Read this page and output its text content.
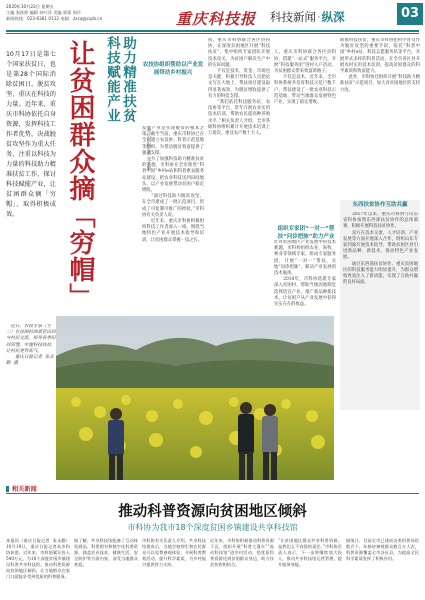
2020年10月23日 星期五
主编 张跃辉 编辑 何叶萍 美编 郭霏 周丹
新闻热线：023-6381 0112 电邮：zxcq@cqrb.cn	重庆科技报 科技新闻·纵深	03

10月17日是第七个国家扶贫日，也是第28个国际消除贫困日。脱贫攻坚，重庆在科技的力量。近年来，重庆市科协依托自身资源，发挥科技工作者优势，决战脱贫攻坚作为重大任务，注重以科技为力量的科技助力精准扶贫工作，探讨科技赋能产业，让贫困群众摘「穷帽」，取得积极成效。	让贫困群众摘「穷帽」 科技赋能产业 助力精准扶贫
重庆日报记者 张永勤
农技协组织帮助以产业发展带动乡村振兴
发展产业是实现脱贫的根本之策。截至当前，重庆市科协已在全市建立农技协、科普示范基地等组织，为带动脱贫致富提供了强劲支撑。
　　为了加强科技助力精准扶贫的实施，市科协在全市推进“科普中国”乡村e站和科普惠农服务站建设，把农业科技送到田间地头，以产业发展带动贫困户稳定增收。
　　“通过科技助力脱贫攻坚，在全市建成了一批示范项目，形成了可复制可推广的经验。”市科协有关负责人说。
　　近年来，重庆市科协积极组织科技工作者深入一线，围绕当地特色产业开展技术指导和培训，让贫困群众掌握一技之长。
扶，重庆市科协联合各区县科协，在深度贫困地区开展“科技扶贫”，集中组织专家团队开展技术攻关，为贫困户解决生产中的实际问题。
　　不仅是技术，资金、市场也是关键，积极引导科技人员把论文写在大地上，帮扶项目建设取得显著成效，为脱贫增收提供了有力的科技支撑。
　　“我们依托科技服务站、农技协等平台，常年开展农业实用技术培训，帮助农民提高种养殖水平。”相关负责人介绍，全市各级科协组织累计开展技术培训上万场次，惠及农户数十万人。

人，重庆市科协联合各区县科协，搭建“一站式”服务平台，开展“科技服务团”进村入户活动，为贫困群众带来致富新路子。
　　不仅是技术，近年来，全市科协系统共培育科技示范户数千户，帮扶建设了一批农业科技示范基地，带动当地群众发展特色产业，实现了稳定增收。

组织专家团“一对一”帮扶“问诊把脉”助力产业
针对贫困地区产业发展中的技术难题，市科协组织农业、畜牧、林业等领域专家，组成专家服务团，开展“一对一”帮扶，实地“问诊把脉”，解决产业发展的技术瓶颈。
　　2018年，市科协选派专家深入贫困村，帮助当地因地制宜选择适宜产业，推广新品种新技术，让贫困户从产业发展中获得实实在在的收益。
助推科技扶贫，重庆市科协把科学普及作为脱贫攻坚的重要手段，依托“科普中国”乡村e站、科技志愿服务队等平台，开展形式多样的科普活动，在全市各区县开展农村实用技术培训，提高贫困群众的科学素质和致富能力。
　　此外，市科协还组织开展“科技助力精准扶贫”示范项目，加大对贫困地区的支持力度。
东西扶贫协作互助共赢
　　2017年以来，重庆市科协与山东省科协按照东西部扶贫协作的总体部署，积极开展科技扶贫协作。
　　双方在技术交流、人才培训、产业发展等方面开展深入合作，组织山东专家到渝开展技术指导，帮助贫困区县引进新品种、新技术，推动特色产业发展。
　　通过东西部扶贫协作，重庆贫困地区的科技服务能力明显提升，为群众增收致富注入了新动能，实现了互助共赢的良好局面。
　近日，农技专家（左二）在贫困村油菜花田间与村民交流，指导春季田间管理。实施科技扶贫，让村民更有底气。
　　重庆日报记者  张永勤  摄
相关新闻
推动科普资源向贫困地区倾斜
市科协为我市18个深度贫困乡镇建设共享科技馆
本报讯（重庆日报记者  张永勤）10月19日，重庆日报记者从市科协获悉，近年来，市科协累计投入540万元，为18个深度贫困乡镇建设科普共享科技馆，推动科普资源向贫困地区倾斜，让当地群众在家门口就能享受到优质的科普服务。
据了解，共享科技馆配备了互动体验展品、科普图书和数字化科普资源，涵盖农业技术、健康生活、安全防护等方面内容，深受当地群众欢迎。
市科协有关负责人介绍，共享科技馆建成后，当地学校师生和农民群众可以免费参观体验，开展科普教育活动，提升科学素质，为乡村振兴提供智力支持。
近年来，市科协积极推动科普资源下沉，组织开展“科普大篷车”“流动科技馆”进乡村活动，把优质科普资源送到贫困群众身边，助力扶贫扶智相结合。
“让贫困地区群众共享科普资源，是我们义不容辞的责任。”市科协负责人表示，下一步将继续加大投入，推动共享科技馆运营管理，提升服务效能。
据统计，目前全市已建成各类科普场馆数百个，年接待参观群众数百万人次，科普资源覆盖全市各区县，为提高全民科学素质发挥了积极作用。
